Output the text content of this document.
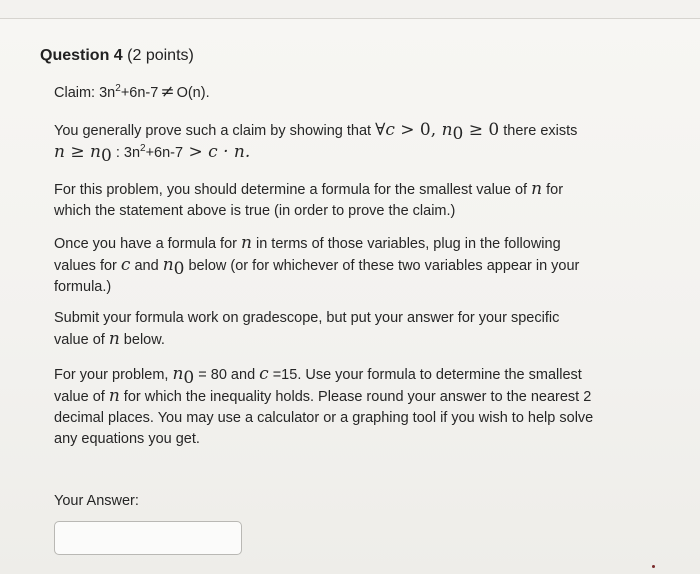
Question 4 (2 points)
Claim: $3n^2+6n-7 \ne O(n)$.
You generally prove such a claim by showing that ∀c > 0, $n_0 \ge 0$ there exists
$n \ge n_0$ : $3n^2+6n-7 > c \cdot n$.
For this problem, you should determine a formula for the smallest value of n for which the statement above is true (in order to prove the claim.)
Once you have a formula for n in terms of those variables, plug in the following values for c and $n_0$ below (or for whichever of these two variables appear in your formula.)
Submit your formula work on gradescope, but put your answer for your specific value of n below.
For your problem, $n_0 = 80$ and c =15. Use your formula to determine the smallest value of n for which the inequality holds. Please round your answer to the nearest 2 decimal places. You may use a calculator or a graphing tool if you wish to help solve any equations you get.
Your Answer:
